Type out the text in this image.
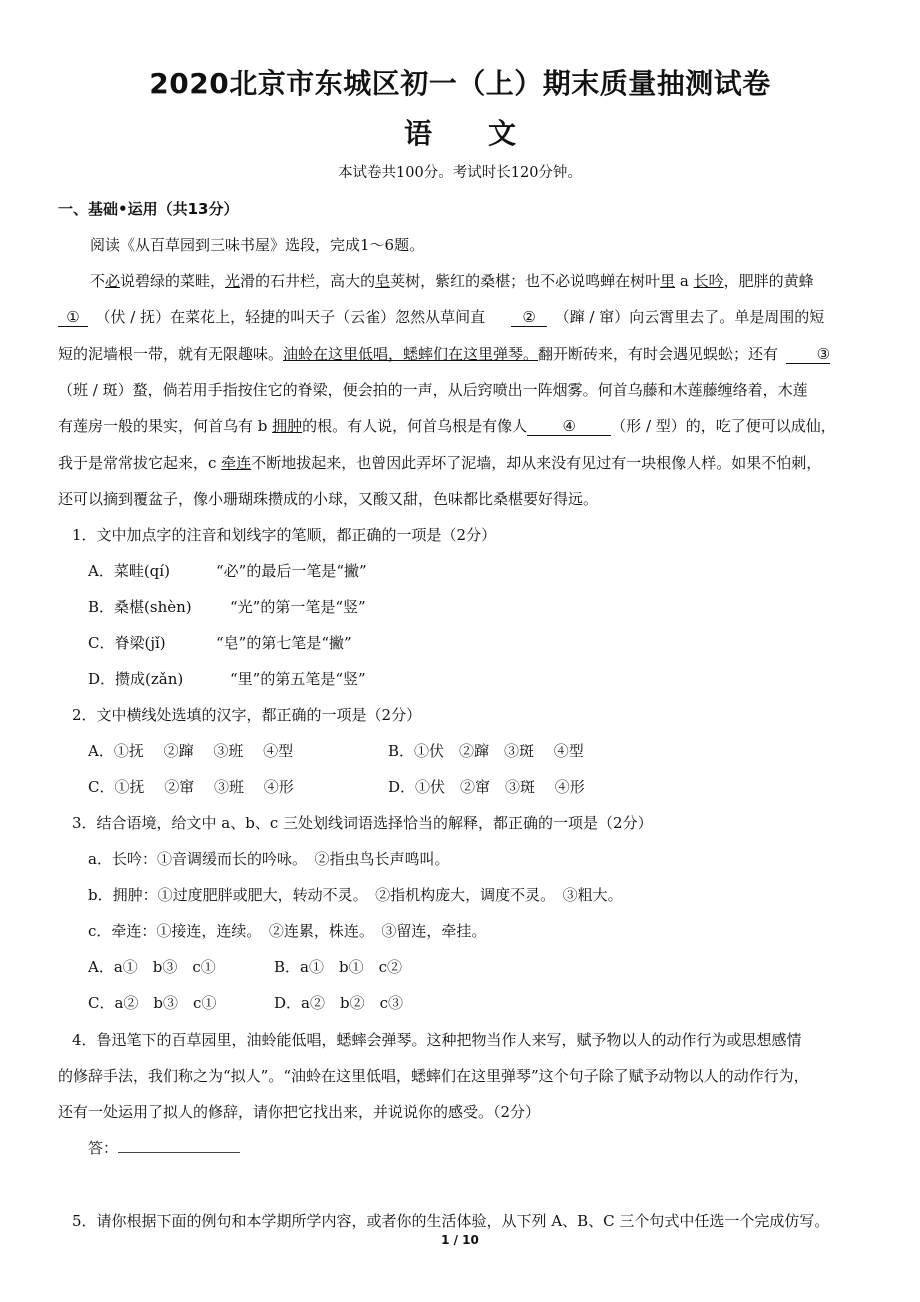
2020北京市东城区初一（上）期末质量抽测试卷
语 文
本试卷共100分。考试时长120分钟。
一、基础•运用（共13分）
阅读《从百草园到三味书屋》选段，完成1～6题。
不必说碧绿的菜畦，光滑的石井栏，高大的皂荚树，紫红的桑椹；也不必说鸣蝉在树叶里 a 长吟，肥胖的黄蜂
①　 （伏 / 抚）在菜花上，轻捷的叫天子（云雀）忽然从草间直 ②　 （蹿 / 窜）向云霄里去了。单是周围的短
短的泥墙根一带，就有无限趣味。油蛉在这里低唱，蟋蟀们在这里弹琴。翻开断砖来，有时会遇见蜈蚣；还有	③
（班 / 斑）蝥，倘若用手指按住它的脊梁，便会拍的一声，从后窍喷出一阵烟雾。何首乌藤和木莲藤缠络着，木莲
有莲房一般的果实，何首乌有 b 拥肿的根。有人说，何首乌根是有像人 ④ （形 / 型）的，吃了便可以成仙，
我于是常常拔它起来，c 牵连不断地拔起来，也曾因此弄坏了泥墙，却从来没有见过有一块根像人样。如果不怕刺，
还可以摘到覆盆子，像小珊瑚珠攒成的小球，又酸又甜，色味都比桑椹要好得远。
1．文中加点字的注音和划线字的笔顺，都正确的一项是（2分）
A．菜畦(qí)	“必”的最后一笔是“撇”
B．桑椹(shèn)	“光”的第一笔是“竖”
C．脊梁(jǐ)	“皂”的第七笔是“撇”
D．攒成(zǎn)	“里”的第五笔是“竖”
2．文中横线处选填的汉字，都正确的一项是（2分）
A．①抚　 ②蹿　 ③班　 ④型	B．①伏　②蹿　③斑　 ④型
C．①抚　 ②窜　 ③班　 ④形	D．①伏　②窜　③斑　 ④形
3．结合语境，给文中 a、b、c 三处划线词语选择恰当的解释，都正确的一项是（2分）
a．长吟：①音调缓而长的吟咏。　②指虫鸟长声鸣叫。
b．拥肿：①过度肥胖或肥大，转动不灵。　②指机构庞大，调度不灵。　③粗大。
c．牵连：①接连，连续。　②连累，株连。　③留连，牵挂。
A．a①　b③　c①	B．a①　b①　c②
C．a②　b③　c①	D．a②　b②　c③
4．鲁迅笔下的百草园里，油蛉能低唱，蟋蟀会弹琴。这种把物当作人来写，赋予物以人的动作行为或思想感情
的修辞手法，我们称之为“拟人”。“油蛉在这里低唱，蟋蟀们在这里弹琴”这个句子除了赋予动物以人的动作行为，
还有一处运用了拟人的修辞，请你把它找出来，并说说你的感受。（2分）
答：
5．请你根据下面的例句和本学期所学内容，或者你的生活体验，从下列 A、B、C 三个句式中任选一个完成仿写。
1 / 10
